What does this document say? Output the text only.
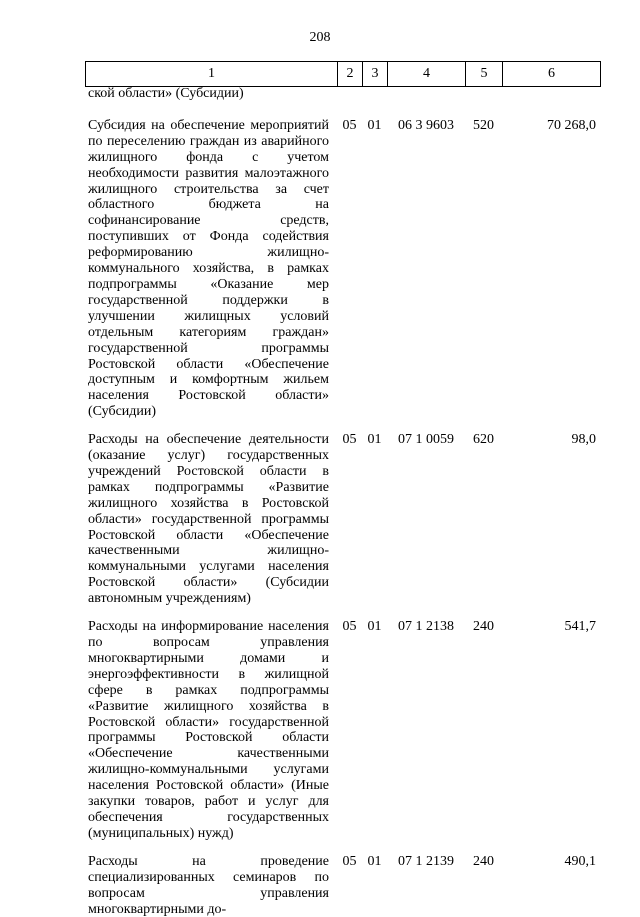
208
1	2	3	4	5	6
ской области» (Субсидии)					
Субсидия на обеспечение мероприятий по переселению граждан из аварийного жилищного фонда с учетом необходимости развития малоэтажного жилищного строительства за счет областного бюджета на софинансирование средств, поступивших от Фонда содействия реформированию жилищно-коммунального хозяйства, в рамках подпрограммы «Оказание мер государственной поддержки в улучшении жилищных условий отдельным категориям граждан» государственной программы Ростовской области «Обеспечение доступным и комфортным жильем населения Ростовской области» (Субсидии)	05	01	06 3 9603	520	70 268,0
Расходы на обеспечение деятельности (оказание услуг) государственных учреждений Ростовской области в рамках подпрограммы «Развитие жилищного хозяйства в Ростовской области» государственной программы Ростовской области «Обеспечение качественными жилищно-коммунальными услугами населения Ростовской области» (Субсидии автономным учреждениям)	05	01	07 1 0059	620	98,0
Расходы на информирование населения по вопросам управления многоквартирными домами и энергоэффективности в жилищной сфере в рамках подпрограммы «Развитие жилищного хозяйства в Ростовской области» государственной программы Ростовской области «Обеспечение качественными жилищно-коммунальными услугами населения Ростовской области» (Иные закупки товаров, работ и услуг для обеспечения государственных (муниципальных) нужд)	05	01	07 1 2138	240	541,7
Расходы на проведение специализированных семинаров по вопросам управления многоквартирными до-	05	01	07 1 2139	240	490,1
